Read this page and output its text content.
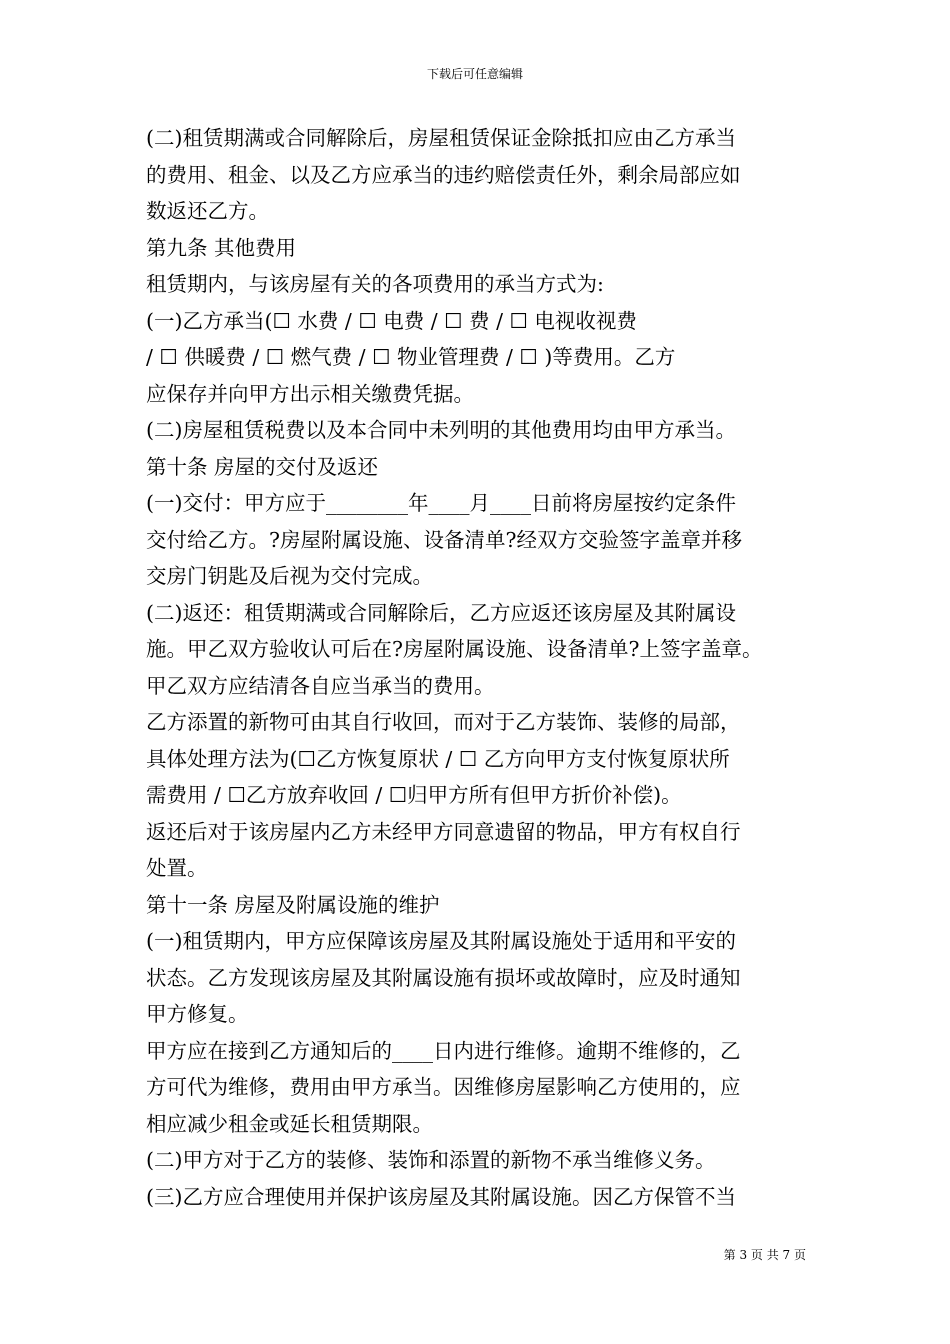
下载后可任意编辑
(二)租赁期满或合同解除后，房屋租赁保证金除抵扣应由乙方承当
的费用、租金、以及乙方应承当的违约赔偿责任外，剩余局部应如
数返还乙方。
第九条 其他费用
租赁期内，与该房屋有关的各项费用的承当方式为:
(一)乙方承当(☐ 水费 / ☐ 电费 / ☐ 费 / ☐ 电视收视费
/ ☐ 供暖费 / ☐ 燃气费 / ☐ 物业管理费 / ☐ )等费用。乙方
应保存并向甲方出示相关缴费凭据。
(二)房屋租赁税费以及本合同中未列明的其他费用均由甲方承当。
第十条 房屋的交付及返还
(一)交付：甲方应于________年____月____日前将房屋按约定条件
交付给乙方。?房屋附属设施、设备清单?经双方交验签字盖章并移
交房门钥匙及后视为交付完成。
(二)返还：租赁期满或合同解除后，乙方应返还该房屋及其附属设
施。甲乙双方验收认可后在?房屋附属设施、设备清单?上签字盖章。
甲乙双方应结清各自应当承当的费用。
乙方添置的新物可由其自行收回，而对于乙方装饰、装修的局部，
具体处理方法为(☐乙方恢复原状 / ☐ 乙方向甲方支付恢复原状所
需费用 / ☐乙方放弃收回 / ☐归甲方所有但甲方折价补偿)。
返还后对于该房屋内乙方未经甲方同意遗留的物品，甲方有权自行
处置。
第十一条 房屋及附属设施的维护
(一)租赁期内，甲方应保障该房屋及其附属设施处于适用和平安的
状态。乙方发现该房屋及其附属设施有损坏或故障时，应及时通知
甲方修复。
甲方应在接到乙方通知后的____日内进行维修。逾期不维修的，乙
方可代为维修，费用由甲方承当。因维修房屋影响乙方使用的，应
相应减少租金或延长租赁期限。
(二)甲方对于乙方的装修、装饰和添置的新物不承当维修义务。
(三)乙方应合理使用并保护该房屋及其附属设施。因乙方保管不当
第 3 页 共 7 页
